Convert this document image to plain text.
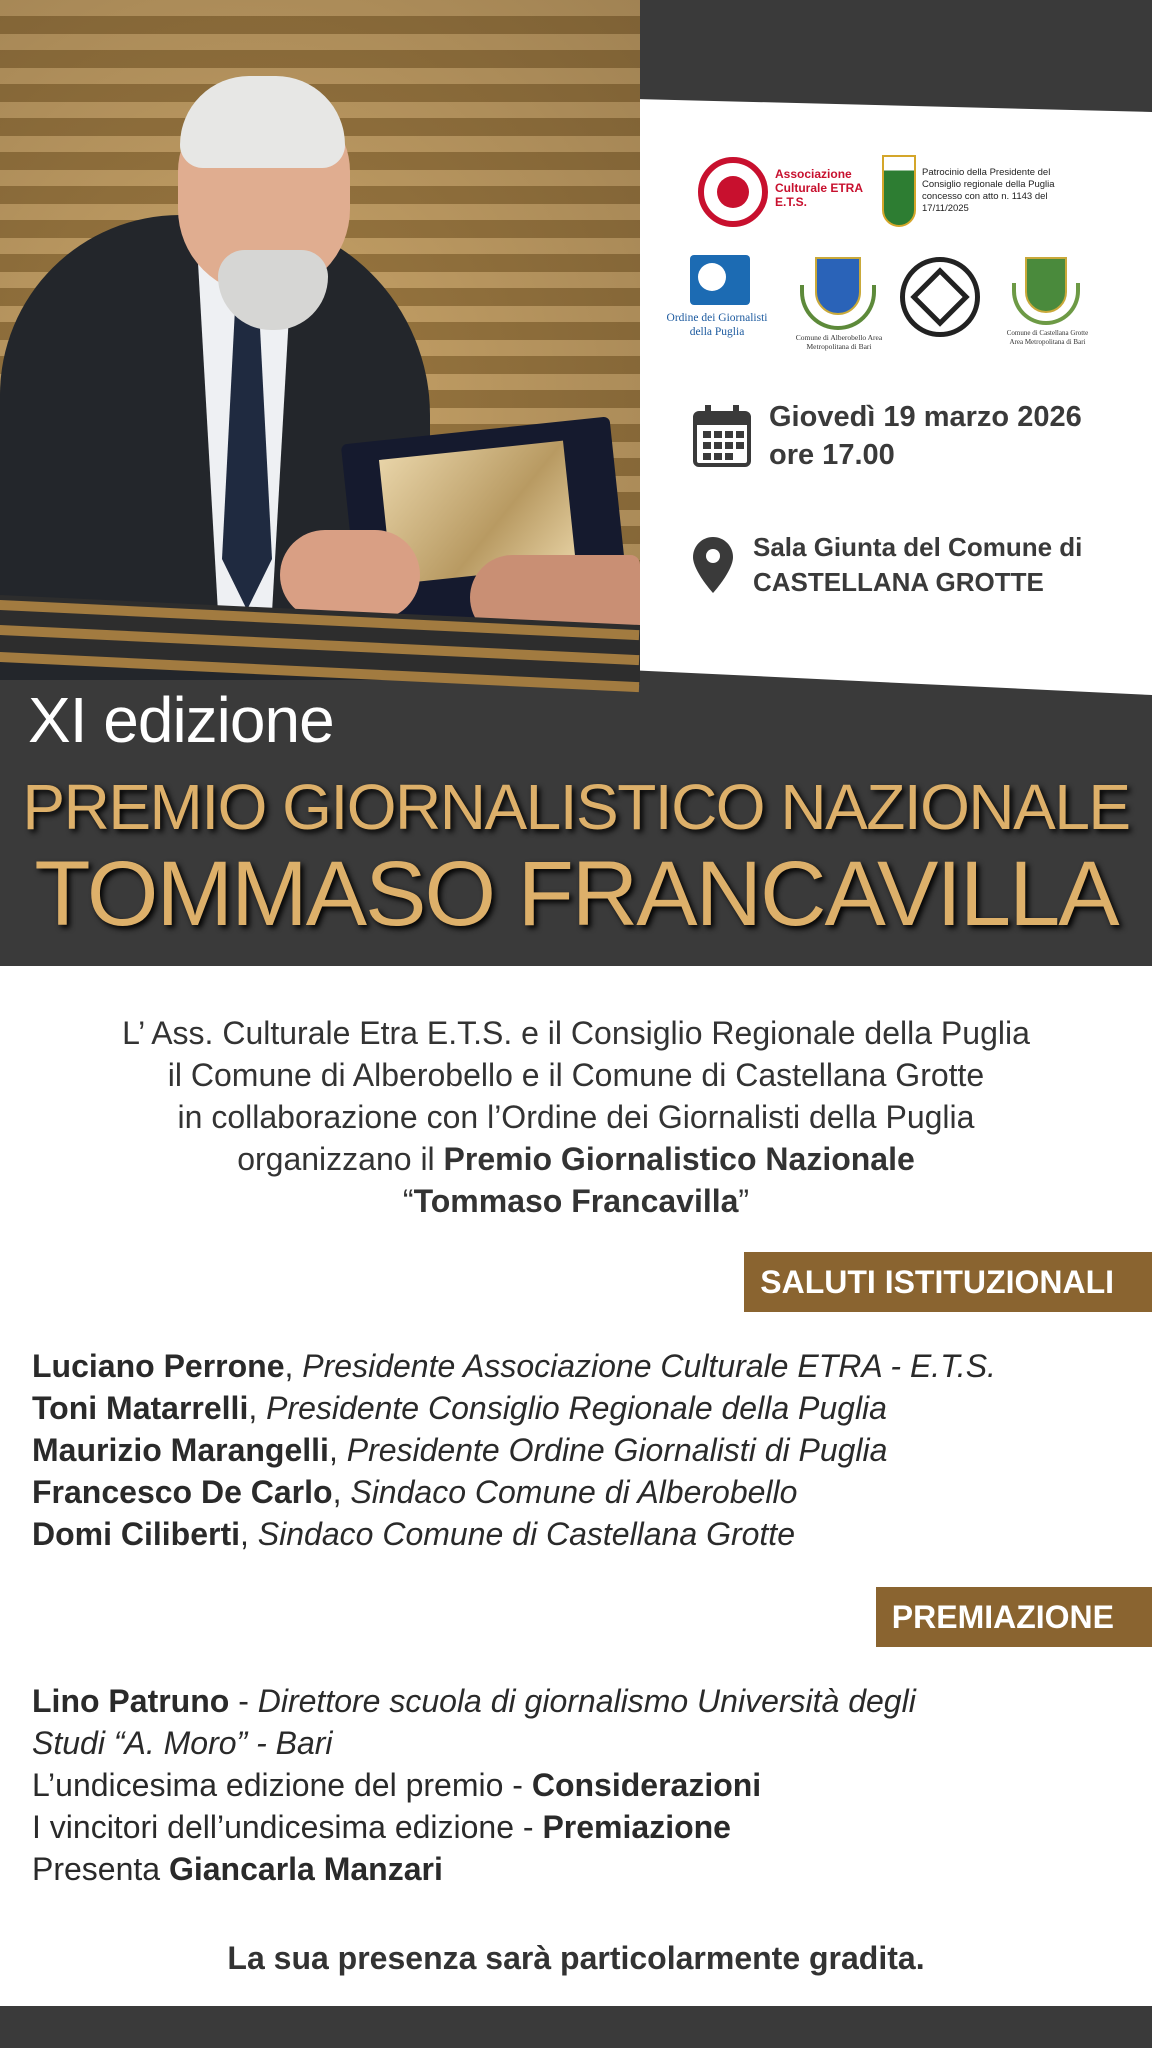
Associazione Culturale ETRA E.T.S.
Patrocinio della Presidente del Consiglio regionale della Puglia concesso con atto n. 1143 del 17/11/2025
Ordine dei Giornalisti della Puglia	Comune di Alberobello Area Metropolitana di Bari
Comune di Castellana Grotte Area Metropolitana di Bari
Giovedì 19 marzo 2026
ore 17.00
Sala Giunta del Comune di
CASTELLANA GROTTE
XI edizione
PREMIO GIORNALISTICO NAZIONALE
TOMMASO FRANCAVILLA
L’ Ass. Culturale Etra E.T.S. e il Consiglio Regionale della Puglia
il Comune di Alberobello e il Comune di Castellana Grotte
in collaborazione con l’Ordine dei Giornalisti della Puglia
organizzano il Premio Giornalistico Nazionale
“Tommaso Francavilla”
SALUTI ISTITUZIONALI
Luciano Perrone, Presidente Associazione Culturale ETRA - E.T.S.
Toni Matarrelli, Presidente Consiglio Regionale della Puglia
Maurizio Marangelli, Presidente Ordine Giornalisti di Puglia
Francesco De Carlo, Sindaco Comune di Alberobello
Domi Ciliberti, Sindaco Comune di Castellana Grotte
PREMIAZIONE
Lino Patruno - Direttore scuola di giornalismo Università degli
Studi “A. Moro” - Bari
L’undicesima edizione del premio - Considerazioni
I vincitori dell’undicesima edizione - Premiazione
Presenta Giancarla Manzari
La sua presenza sarà particolarmente gradita.
